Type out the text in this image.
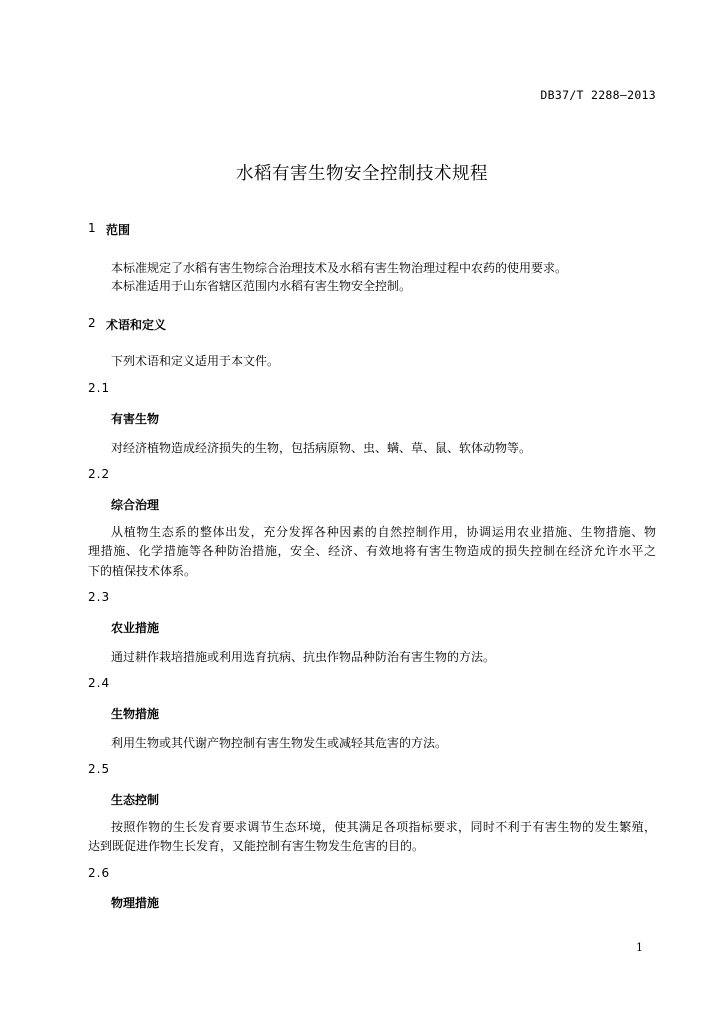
DB37/T 2288—2013
水稻有害生物安全控制技术规程
1 范围
本标准规定了水稻有害生物综合治理技术及水稻有害生物治理过程中农药的使用要求。
本标准适用于山东省辖区范围内水稻有害生物安全控制。
2 术语和定义
下列术语和定义适用于本文件。
2.1
有害生物
对经济植物造成经济损失的生物，包括病原物、虫、螨、草、鼠、软体动物等。
2.2
综合治理
从植物生态系的整体出发，充分发挥各种因素的自然控制作用，协调运用农业措施、生物措施、物
理措施、化学措施等各种防治措施，安全、经济、有效地将有害生物造成的损失控制在经济允许水平之
下的植保技术体系。
2.3
农业措施
通过耕作栽培措施或利用选育抗病、抗虫作物品种防治有害生物的方法。
2.4
生物措施
利用生物或其代谢产物控制有害生物发生或减轻其危害的方法。
2.5
生态控制
按照作物的生长发育要求调节生态环境，使其满足各项指标要求，同时不利于有害生物的发生繁殖，
达到既促进作物生长发育，又能控制有害生物发生危害的目的。
2.6
物理措施
1
